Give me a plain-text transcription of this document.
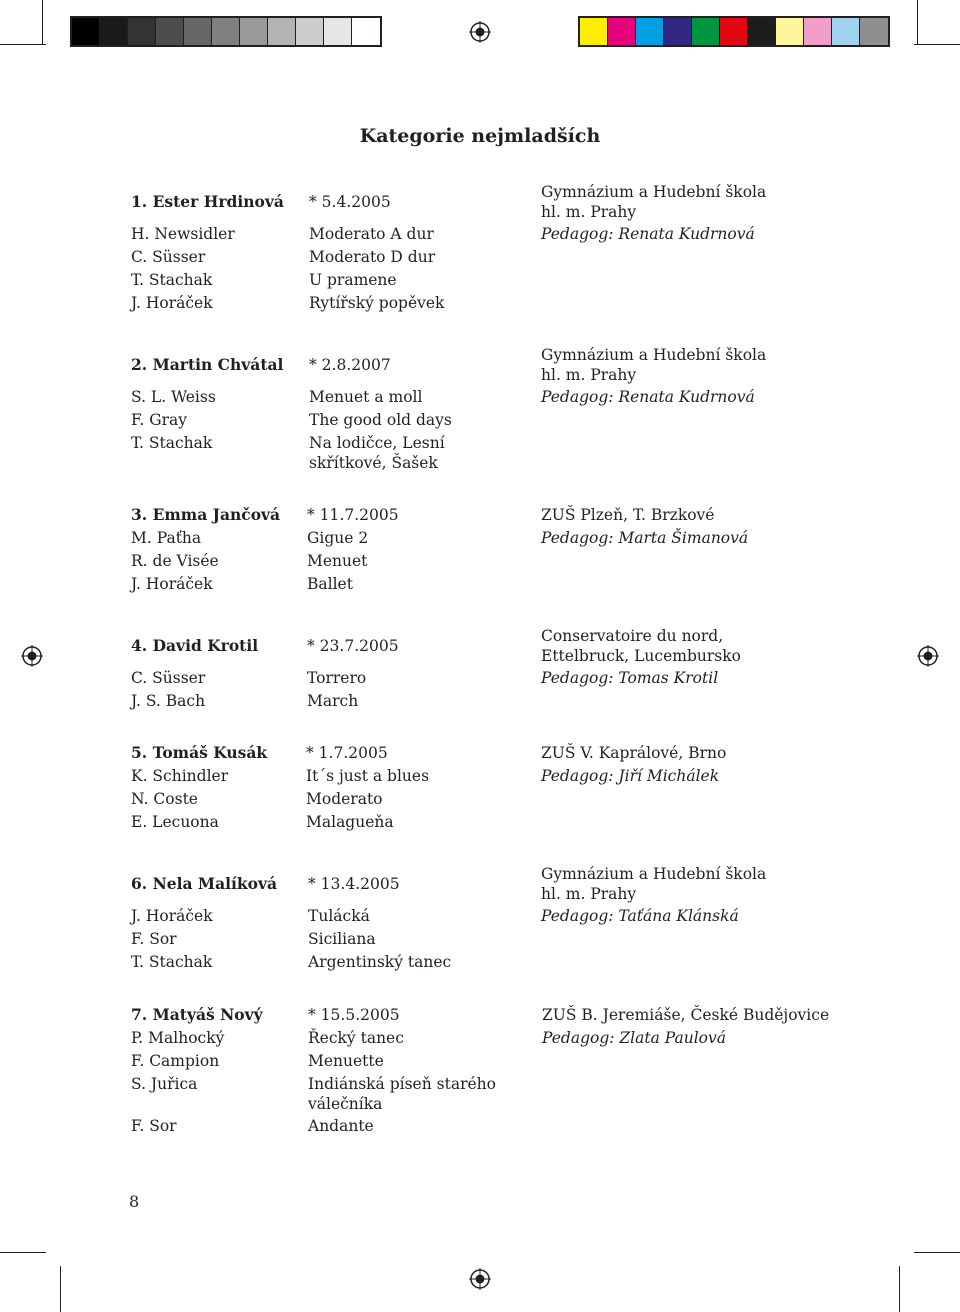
Kategorie nejmladších
1. Ester Hrdinová * 5.4.2005
Gymnázium a Hudební škola hl. m. Prahy
Pedagog: Renata Kudrnová
H. Newsidler	Moderato A dur
C. Süsser	Moderato D dur
T. Stachak	U pramene
J. Horáček	Rytířský popěvek
2. Martin Chvátal * 2.8.2007
Gymnázium a Hudební škola hl. m. Prahy
Pedagog: Renata Kudrnová
S. L. Weiss	Menuet a moll
F. Gray	The good old days
T. Stachak	Na lodičce, Lesní skřítkové, Šašek
3. Emma Jančová * 11.7.2005	ZUŠ Plzeň, T. Brzkové
Pedagog: Marta Šimanová
M. Paťha	Gigue 2
R. de Visée	Menuet
J. Horáček	Ballet
4. David Krotil	* 23.7.2005
Conservatoire du nord, Ettelbruck, Lucembursko
Pedagog: Tomas Krotil
C. Süsser	Torrero
J. S. Bach	March
5. Tomáš Kusák	* 1.7.2005	ZUŠ V. Kaprálové, Brno
Pedagog: Jiří Michálek
K. Schindler	It´s just a blues
N. Coste	Moderato
E. Lecuona	Malagueňa
6. Nela Malíková * 13.4.2005
Gymnázium a Hudební škola hl. m. Prahy
Pedagog: Taťána Klánská
J. Horáček	Tulácká
F. Sor	Siciliana
T. Stachak	Argentinský tanec
7. Matyáš Nový	* 15.5.2005	ZUŠ B. Jeremiáše, České Budějovice
Pedagog: Zlata Paulová
P. Malhocký	Řecký tanec
F. Campion	Menuette
S. Juřica	Indiánská píseň starého válečníka
F. Sor	Andante
8
